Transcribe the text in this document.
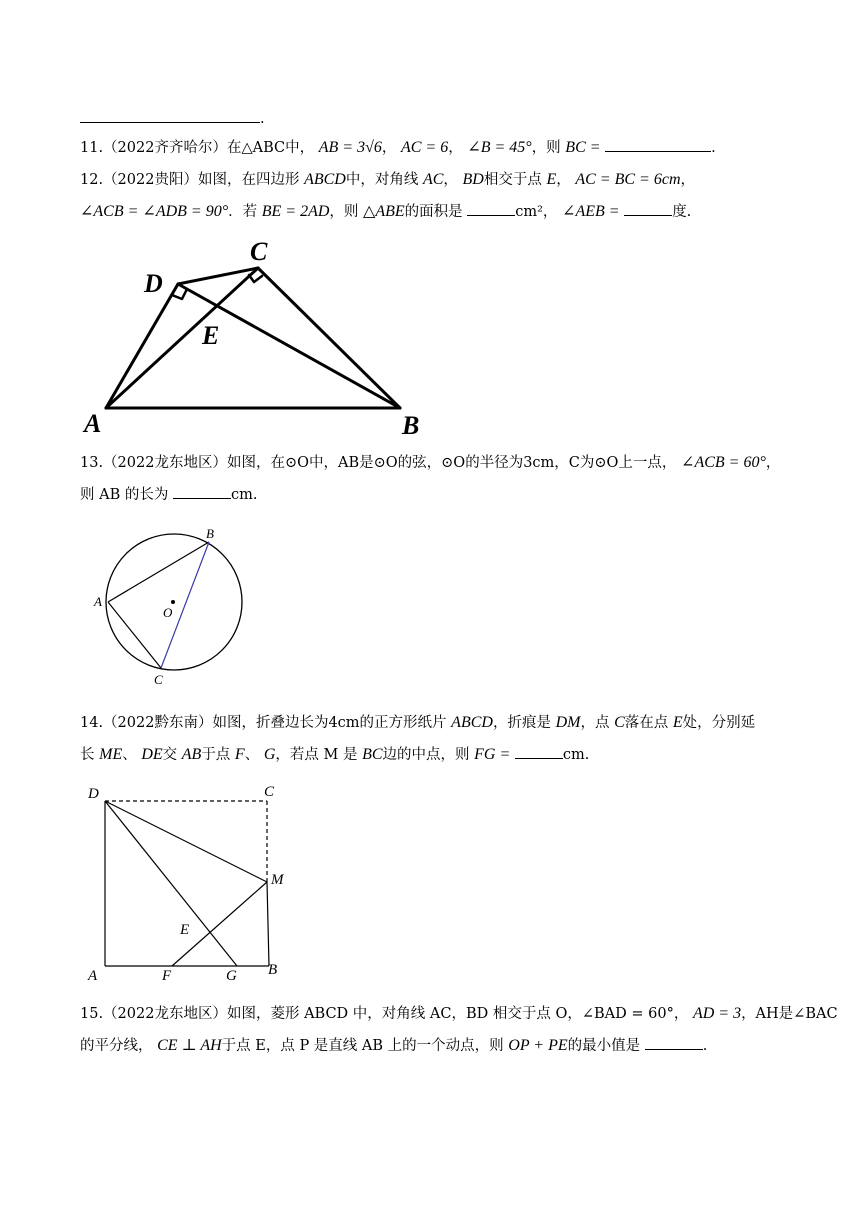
.
11.（2022齐齐哈尔）在△ABC中， AB = 3√6， AC = 6， ∠B = 45°，则 BC =	.
12.（2022贵阳）如图，在四边形 ABCD中，对角线 AC， BD相交于点 E， AC = BC = 6cm，
∠ACB = ∠ADB = 90°．若 BE = 2AD，则 △ABE的面积是	cm²， ∠AEB =	度.
A	B
C
D
E
13.（2022龙东地区）如图，在⊙O中，AB是⊙O的弦，⊙O的半径为3cm，C为⊙O上一点， ∠ACB = 60°，
则 AB 的长为	cm.
A
B
C
O
14.（2022黔东南）如图，折叠边长为4cm的正方形纸片 ABCD，折痕是 DM，点 C落在点 E处，分别延
长 ME、 DE交 AB于点 F、 G，若点 M 是 BC边的中点，则 FG =	cm.
D	C
M
E
A	F	G B
15.（2022龙东地区）如图，菱形 ABCD 中，对角线 AC，BD 相交于点 O，∠BAD = 60°， AD = 3，AH是∠BAC
的平分线， CE ⊥ AH于点 E，点 P 是直线 AB 上的一个动点，则 OP + PE的最小值是	.
